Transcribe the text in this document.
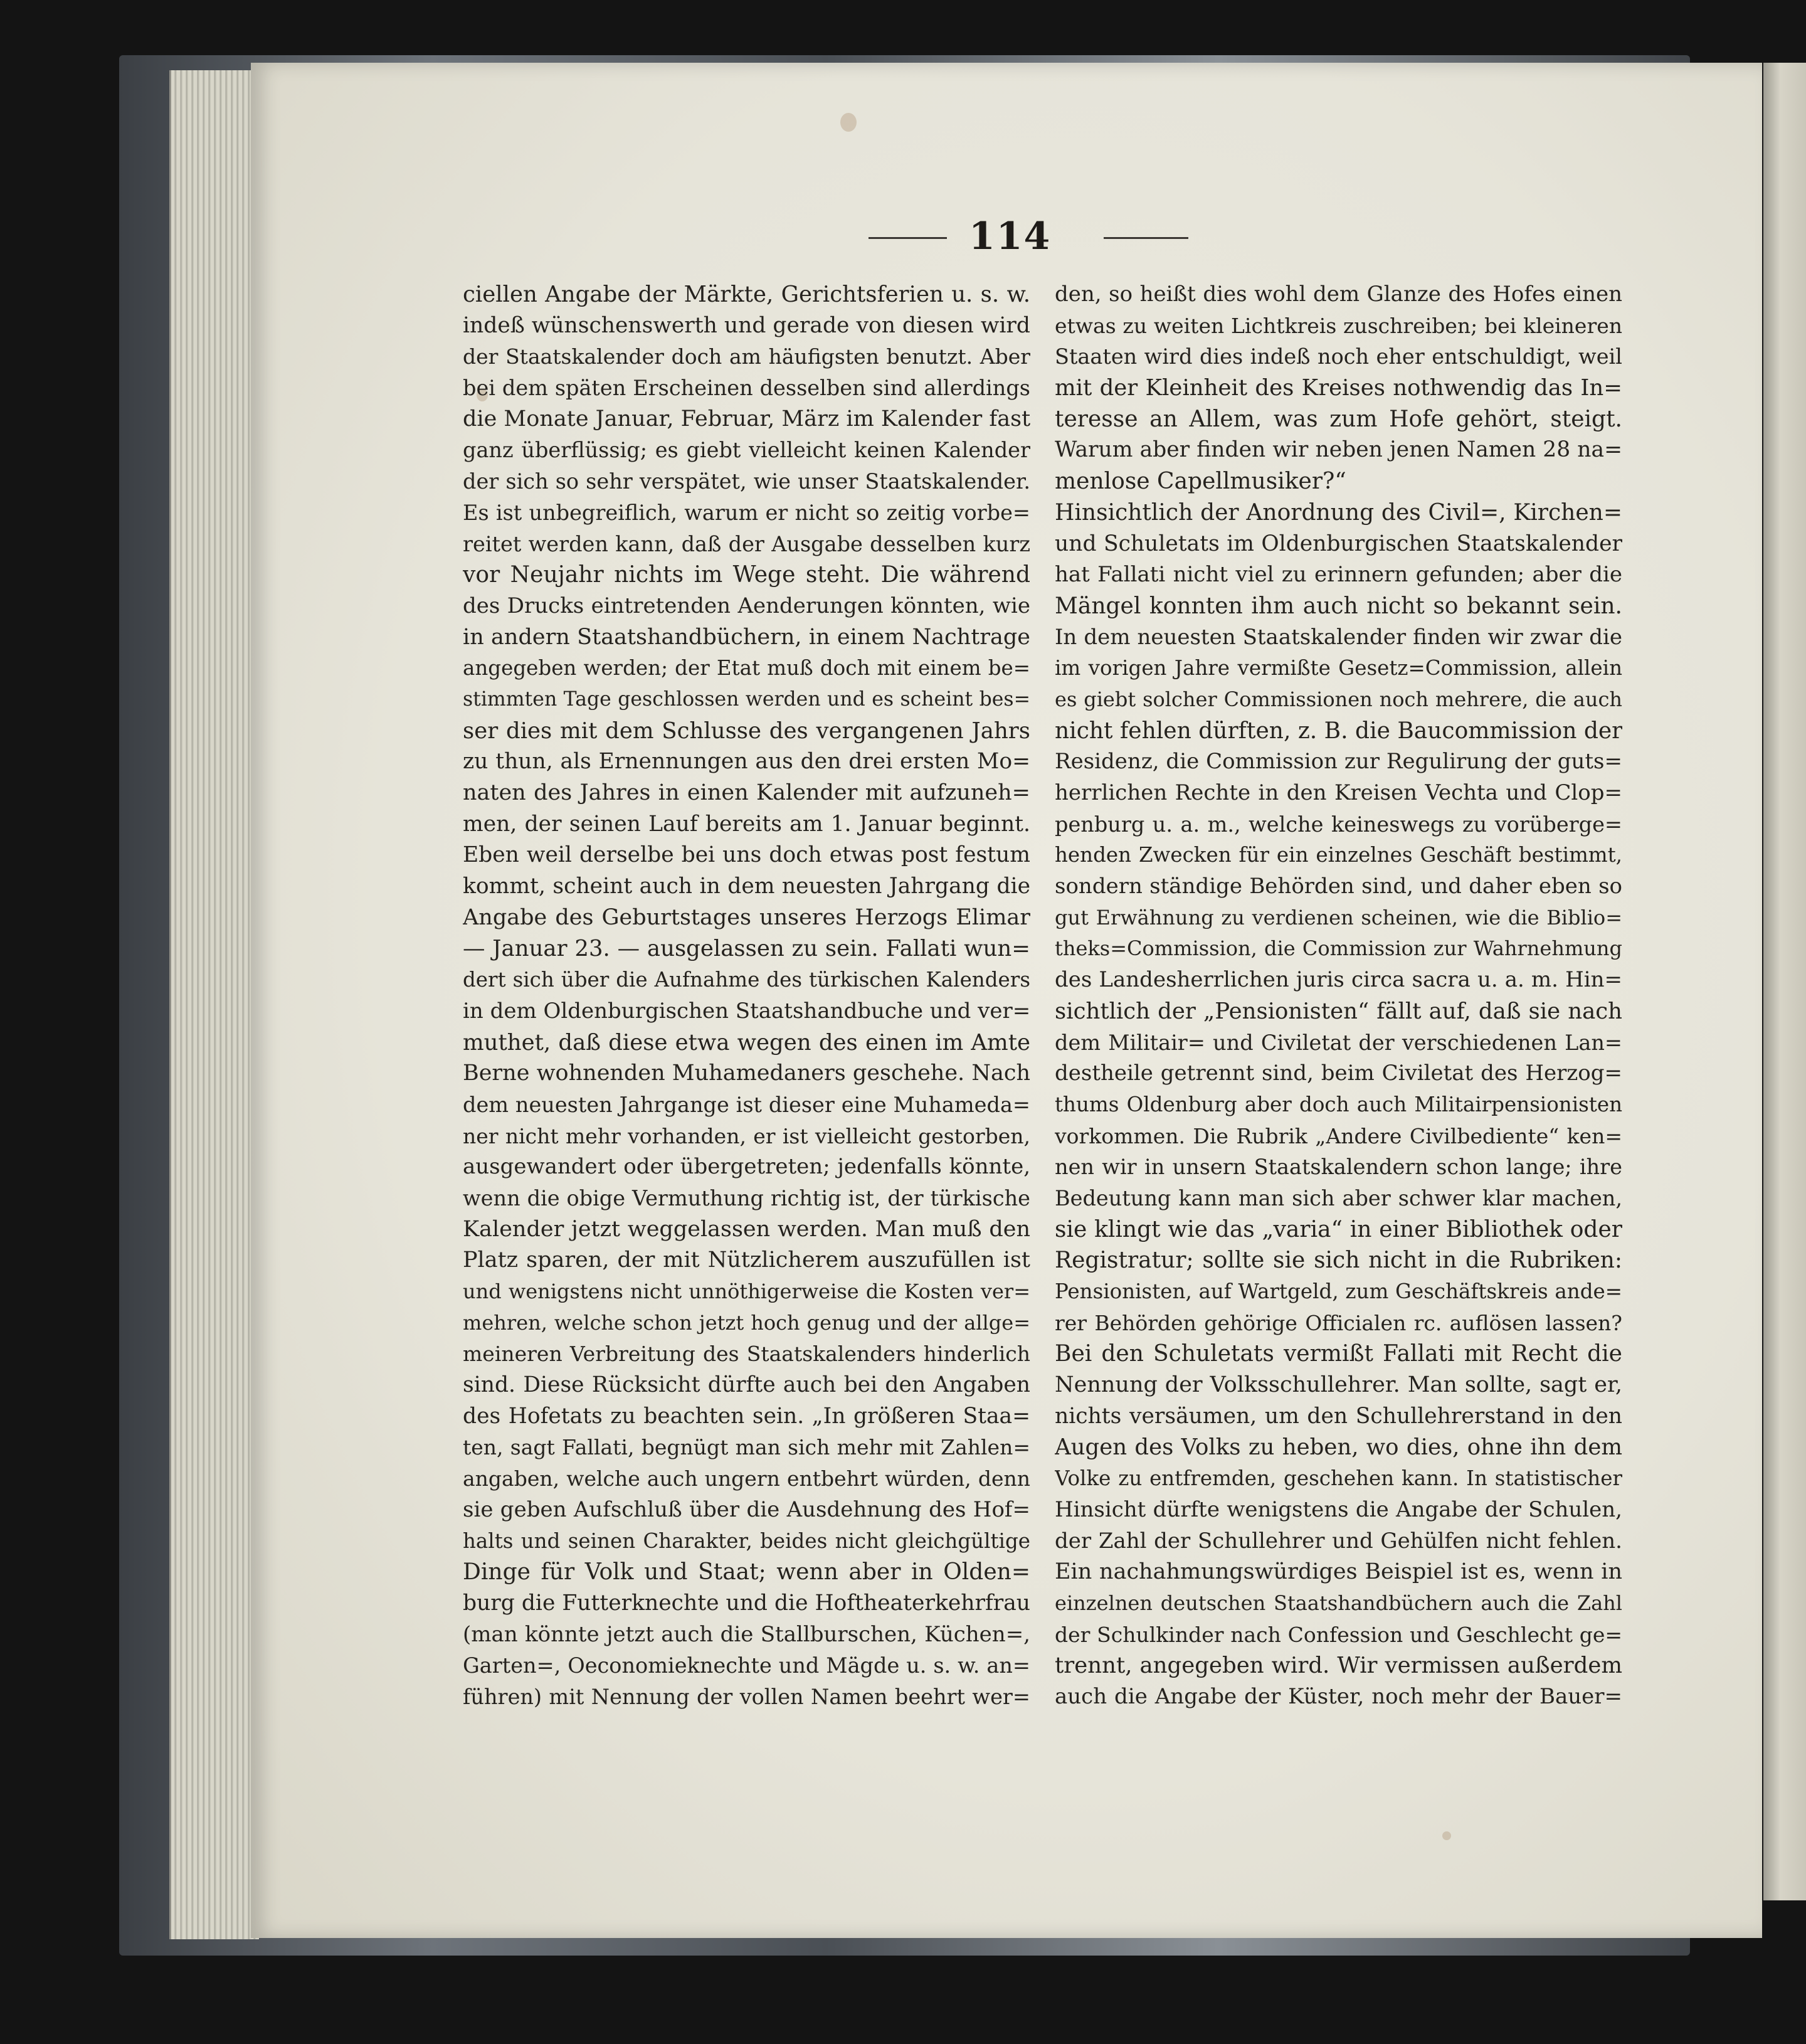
114
ciellen Angabe der Märkte, Gerichtsferien u. s. w.
indeß wünschenswerth und gerade von diesen wird
der Staatskalender doch am häufigsten benutzt. Aber
bei dem späten Erscheinen desselben sind allerdings
die Monate Januar, Februar, März im Kalender fast
ganz überflüssig; es giebt vielleicht keinen Kalender
der sich so sehr verspätet, wie unser Staatskalender.
Es ist unbegreiflich, warum er nicht so zeitig vorbe=
reitet werden kann, daß der Ausgabe desselben kurz
vor Neujahr nichts im Wege steht. Die während
des Drucks eintretenden Aenderungen könnten, wie
in andern Staatshandbüchern, in einem Nachtrage
angegeben werden; der Etat muß doch mit einem be=
stimmten Tage geschlossen werden und es scheint bes=
ser dies mit dem Schlusse des vergangenen Jahrs
zu thun, als Ernennungen aus den drei ersten Mo=
naten des Jahres in einen Kalender mit aufzuneh=
men, der seinen Lauf bereits am 1. Januar beginnt.
Eben weil derselbe bei uns doch etwas post festum
kommt, scheint auch in dem neuesten Jahrgang die
Angabe des Geburtstages unseres Herzogs Elimar
— Januar 23. — ausgelassen zu sein. Fallati wun=
dert sich über die Aufnahme des türkischen Kalenders
in dem Oldenburgischen Staatshandbuche und ver=
muthet, daß diese etwa wegen des einen im Amte
Berne wohnenden Muhamedaners geschehe. Nach
dem neuesten Jahrgange ist dieser eine Muhameda=
ner nicht mehr vorhanden, er ist vielleicht gestorben,
ausgewandert oder übergetreten; jedenfalls könnte,
wenn die obige Vermuthung richtig ist, der türkische
Kalender jetzt weggelassen werden. Man muß den
Platz sparen, der mit Nützlicherem auszufüllen ist
und wenigstens nicht unnöthigerweise die Kosten ver=
mehren, welche schon jetzt hoch genug und der allge=
meineren Verbreitung des Staatskalenders hinderlich
sind. Diese Rücksicht dürfte auch bei den Angaben
des Hofetats zu beachten sein. „In größeren Staa=
ten, sagt Fallati, begnügt man sich mehr mit Zahlen=
angaben, welche auch ungern entbehrt würden, denn
sie geben Aufschluß über die Ausdehnung des Hof=
halts und seinen Charakter, beides nicht gleichgültige
Dinge für Volk und Staat; wenn aber in Olden=
burg die Futterknechte und die Hoftheaterkehrfrau
(man könnte jetzt auch die Stallburschen, Küchen=,
Garten=, Oeconomieknechte und Mägde u. s. w. an=
führen) mit Nennung der vollen Namen beehrt wer=
den, so heißt dies wohl dem Glanze des Hofes einen
etwas zu weiten Lichtkreis zuschreiben; bei kleineren
Staaten wird dies indeß noch eher entschuldigt, weil
mit der Kleinheit des Kreises nothwendig das In=
teresse an Allem, was zum Hofe gehört, steigt.
Warum aber finden wir neben jenen Namen 28 na=
menlose Capellmusiker?“
Hinsichtlich der Anordnung des Civil=, Kirchen=
und Schuletats im Oldenburgischen Staatskalender
hat Fallati nicht viel zu erinnern gefunden; aber die
Mängel konnten ihm auch nicht so bekannt sein.
In dem neuesten Staatskalender finden wir zwar die
im vorigen Jahre vermißte Gesetz=Commission, allein
es giebt solcher Commissionen noch mehrere, die auch
nicht fehlen dürften, z. B. die Baucommission der
Residenz, die Commission zur Regulirung der guts=
herrlichen Rechte in den Kreisen Vechta und Clop=
penburg u. a. m., welche keineswegs zu vorüberge=
henden Zwecken für ein einzelnes Geschäft bestimmt,
sondern ständige Behörden sind, und daher eben so
gut Erwähnung zu verdienen scheinen, wie die Biblio=
theks=Commission, die Commission zur Wahrnehmung
des Landesherrlichen juris circa sacra u. a. m. Hin=
sichtlich der „Pensionisten“ fällt auf, daß sie nach
dem Militair= und Civiletat der verschiedenen Lan=
destheile getrennt sind, beim Civiletat des Herzog=
thums Oldenburg aber doch auch Militairpensionisten
vorkommen. Die Rubrik „Andere Civilbediente“ ken=
nen wir in unsern Staatskalendern schon lange; ihre
Bedeutung kann man sich aber schwer klar machen,
sie klingt wie das „varia“ in einer Bibliothek oder
Registratur; sollte sie sich nicht in die Rubriken:
Pensionisten, auf Wartgeld, zum Geschäftskreis ande=
rer Behörden gehörige Officialen rc. auflösen lassen?
Bei den Schuletats vermißt Fallati mit Recht die
Nennung der Volksschullehrer. Man sollte, sagt er,
nichts versäumen, um den Schullehrerstand in den
Augen des Volks zu heben, wo dies, ohne ihn dem
Volke zu entfremden, geschehen kann. In statistischer
Hinsicht dürfte wenigstens die Angabe der Schulen,
der Zahl der Schullehrer und Gehülfen nicht fehlen.
Ein nachahmungswürdiges Beispiel ist es, wenn in
einzelnen deutschen Staatshandbüchern auch die Zahl
der Schulkinder nach Confession und Geschlecht ge=
trennt, angegeben wird. Wir vermissen außerdem
auch die Angabe der Küster, noch mehr der Bauer=
